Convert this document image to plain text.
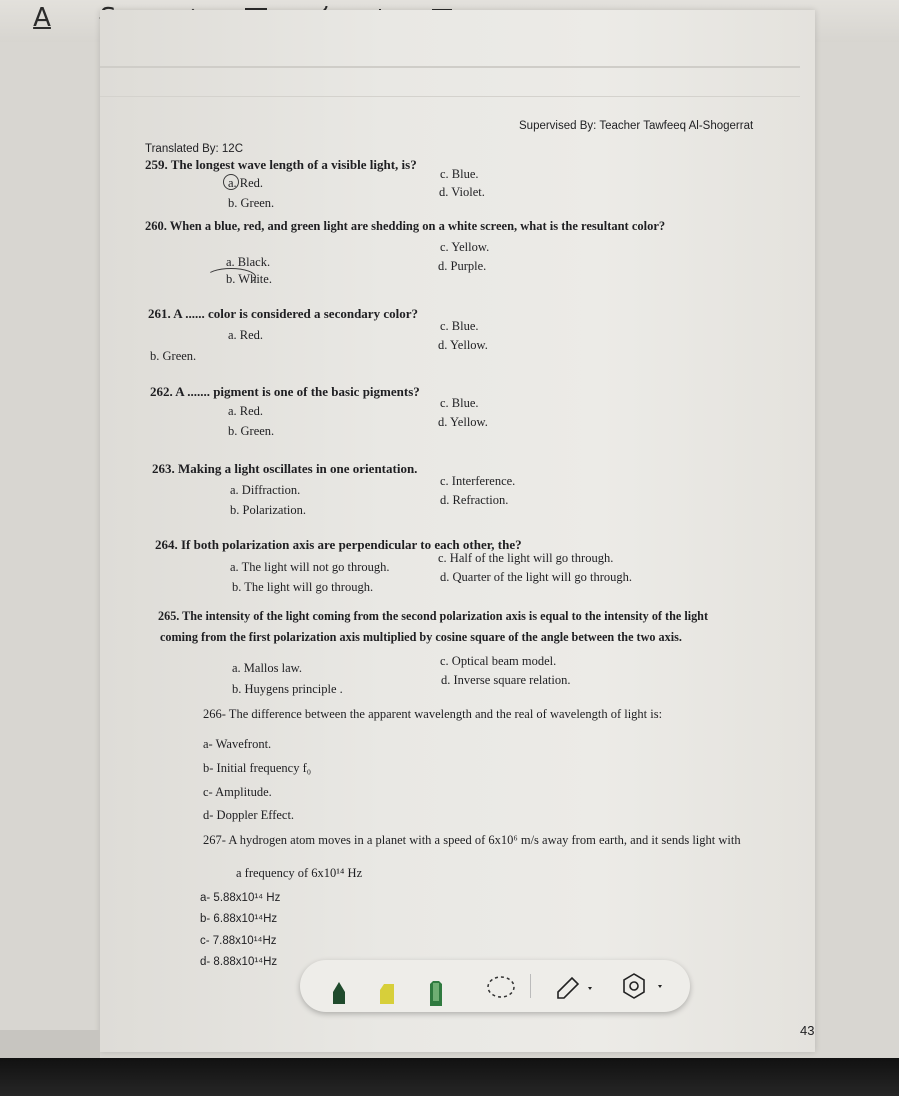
A
Translated By: 12C
Supervised By: Teacher Tawfeeq Al-Shogerrat
259. The longest wave length of a visible light, is?
a. Red.
b. Green.
c. Blue.
d. Violet.
260. When a blue, red, and green light are shedding on a white screen, what is the resultant color?
a. Black.
b. White.
c. Yellow.
d. Purple.
261. A ...... color is considered a secondary color?
a. Red.
b. Green.
c. Blue.
d. Yellow.
262. A ....... pigment is one of the basic pigments?
a. Red.
b. Green.
c. Blue.
d. Yellow.
263. Making a light oscillates in one orientation.
a. Diffraction.
b. Polarization.
c. Interference.
d. Refraction.
264. If both polarization axis are perpendicular to each other, the?
a. The light will not go through.
b. The light will go through.
c. Half of the light will go through.
d. Quarter of the light will go through.
265. The intensity of the light coming from the second polarization axis is equal to the intensity of the light
coming from the first polarization axis multiplied by cosine square of the angle between the two axis.
a. Mallos law.
b. Huygens principle .
c. Optical beam model.
d. Inverse square relation.
266- The difference between the apparent wavelength and the real of wavelength of light is:
a- Wavefront.
b- Initial frequency f₀
c- Amplitude.
d- Doppler Effect.
267- A hydrogen atom moves in a planet with a speed of 6x10⁶ m/s away from earth, and it sends light with
a frequency of 6x10¹⁴ Hz
a- 5.88x10¹⁴ Hz
b- 6.88x10¹⁴Hz
c- 7.88x10¹⁴Hz
d- 8.88x10¹⁴Hz
43
